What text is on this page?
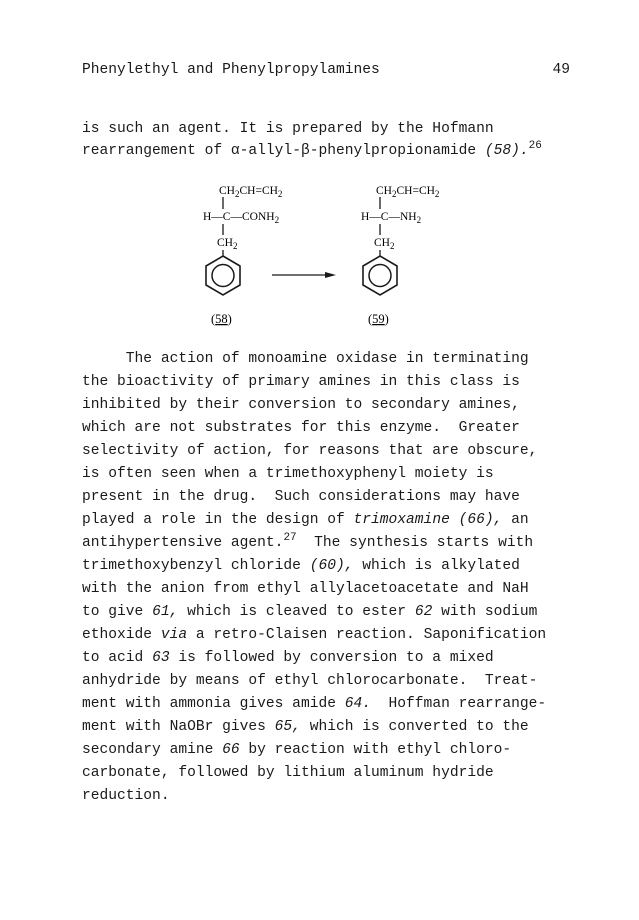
Phenylethyl and Phenylpropylamines	49
is such an agent. It is prepared by the Hofmann
rearrangement of α-allyl-β-phenylpropionamide (58).$^{26}$
$CH_2CH=CH_2$
$H—C—CONH_2$
$CH_2$
(58)
$CH_2CH=CH_2$
$H—C—NH_2$
$CH_2$
(59)
The action of monoamine oxidase in terminating
the bioactivity of primary amines in this class is
inhibited by their conversion to secondary amines,
which are not substrates for this enzyme.  Greater
selectivity of action, for reasons that are obscure,
is often seen when a trimethoxyphenyl moiety is
present in the drug.  Such considerations may have
played a role in the design of trimoxamine (66), an
antihypertensive agent.$^{27}$  The synthesis starts with
trimethoxybenzyl chloride (60), which is alkylated
with the anion from ethyl allylacetoacetate and NaH
to give 61, which is cleaved to ester 62 with sodium
ethoxide via a retro-Claisen reaction. Saponification
to acid 63 is followed by conversion to a mixed
anhydride by means of ethyl chlorocarbonate.  Treat-
ment with ammonia gives amide 64.  Hoffman rearrange-
ment with NaOBr gives 65, which is converted to the
secondary amine 66 by reaction with ethyl chloro-
carbonate, followed by lithium aluminum hydride
reduction.
